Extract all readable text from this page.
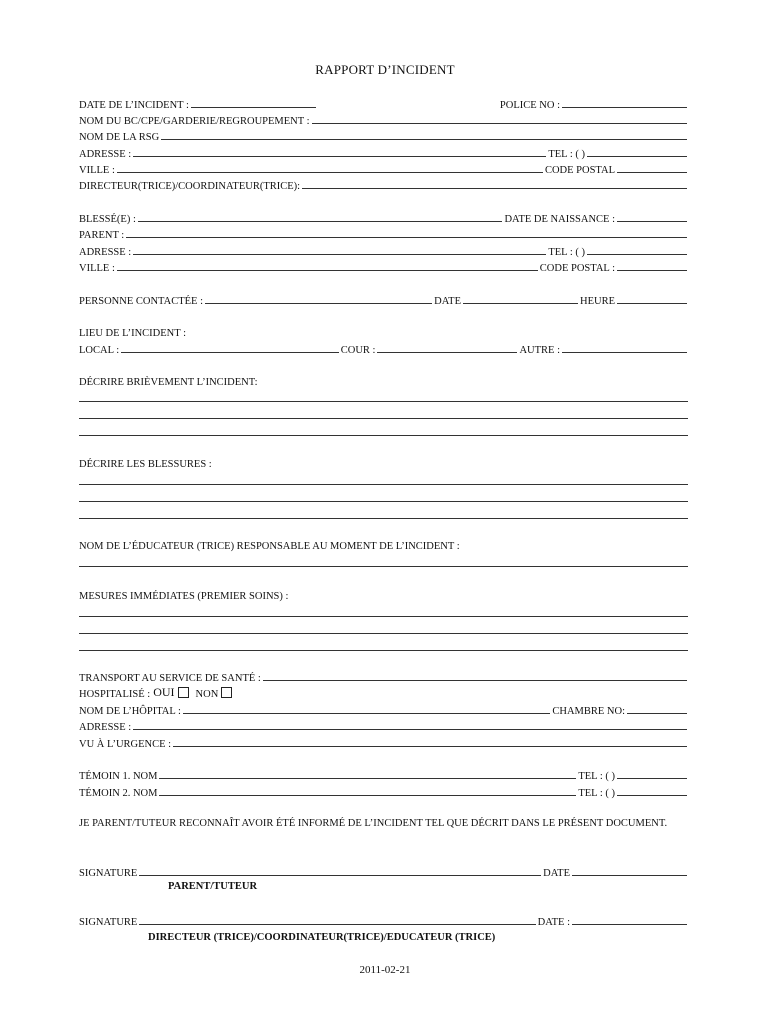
RAPPORT D’INCIDENT
DATE DE L’INCIDENT :	POLICE NO :
NOM DU BC/CPE/GARDERIE/REGROUPEMENT :
NOM DE LA RSG
ADRESSE :	TEL : ( )
VILLE :	CODE POSTAL
DIRECTEUR(TRICE)/COORDINATEUR(TRICE):
BLESSÉ(E) :	DATE DE NAISSANCE :
PARENT :
ADRESSE :	TEL : ( )
VILLE :	CODE POSTAL :
PERSONNE CONTACTÉE :	DATE	HEURE
LIEU DE L’INCIDENT :
LOCAL :	COUR :	AUTRE :
DÉCRIRE BRIÈVEMENT L’INCIDENT:
DÉCRIRE LES BLESSURES :
NOM DE L’ÉDUCATEUR (TRICE) RESPONSABLE AU MOMENT DE L’INCIDENT :
MESURES IMMÉDIATES (PREMIER SOINS) :
TRANSPORT AU SERVICE DE SANTÉ :
HOSPITALISÉ : OUI NON
NOM DE L’HÔPITAL :	CHAMBRE NO:
ADRESSE :
VU À L’URGENCE :
TÉMOIN 1. NOM	TEL : ( )
TÉMOIN 2. NOM	TEL : ( )
JE PARENT/TUTEUR RECONNAÎT AVOIR ÉTÉ INFORMÉ DE L’INCIDENT TEL QUE DÉCRIT DANS LE PRÉSENT DOCUMENT.
SIGNATURE	DATE
PARENT/TUTEUR
SIGNATURE	DATE :
DIRECTEUR (TRICE)/COORDINATEUR(TRICE)/EDUCATEUR (TRICE)
2011-02-21
